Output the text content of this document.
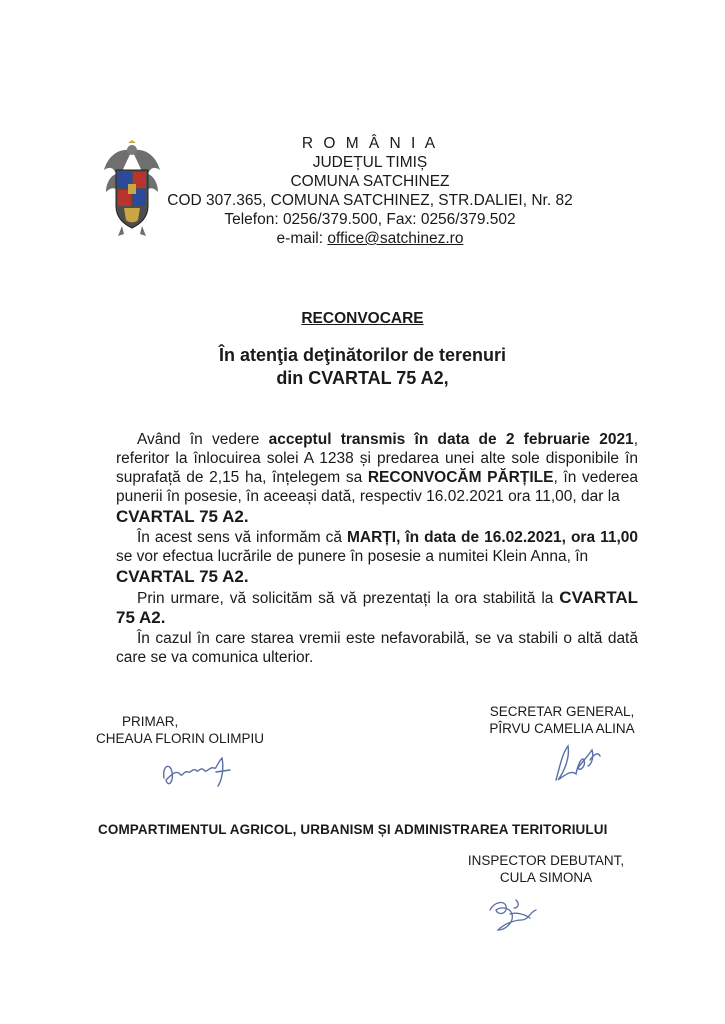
R O M Â N I A
JUDEȚUL TIMIȘ
COMUNA SATCHINEZ
COD 307.365, COMUNA SATCHINEZ, STR.DALIEI, Nr. 82
Telefon: 0256/379.500, Fax: 0256/379.502
e-mail: office@satchinez.ro
RECONVOCARE
În atenţia deţinătorilor de terenuri
din CVARTAL 75 A2,

Având în vedere acceptul transmis în data de 2 februarie 2021, referitor la înlocuirea solei A 1238 și predarea unei alte sole disponibile în suprafață de 2,15 ha, înțelegem sa RECONVOCĂM PĂRȚILE, în vederea punerii în posesie, în aceeași dată, respectiv 16.02.2021 ora 11,00, dar la

CVARTAL 75 A2.

În acest sens vă informăm că MARȚI, în data de 16.02.2021, ora 11,00 se vor efectua lucrările de punere în posesie a numitei Klein Anna, în

CVARTAL 75 A2.

Prin urmare, vă solicităm să vă prezentați la ora stabilită la CVARTAL 75 A2.

În cazul în care starea vremii este nefavorabilă, se va stabili o altă dată care se va comunica ulterior.

PRIMAR,
CHEAUA FLORIN OLIMPIU
SECRETAR GENERAL,
PÎRVU CAMELIA ALINA
COMPARTIMENTUL AGRICOL, URBANISM ȘI ADMINISTRAREA TERITORIULUI
INSPECTOR DEBUTANT,
CULA SIMONA
